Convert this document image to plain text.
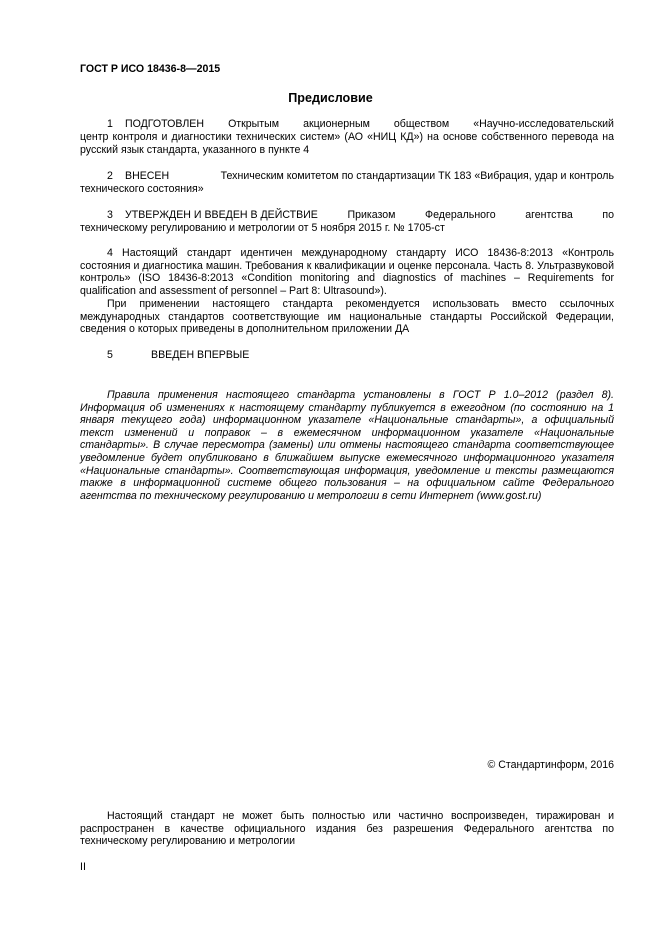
ГОСТ Р ИСО 18436-8—2015
Предисловие
1 ПОДГОТОВЛЕН Открытым акционерным обществом «Научно-исследовательский

центр контроля и диагностики технических систем» (АО «НИЦ КД») на основе собственного перевода на русский язык стандарта, указанного в пункте 4

2 ВНЕСЕН	Техническим комитетом по стандартизации ТК 183 «Вибрация, удар и контроль

технического состояния»

3 УТВЕРЖДЕН И ВВЕДЕН В ДЕЙСТВИЕ	Приказом	Федерального	агентства	по

техническому регулированию и метрологии от 5 ноября 2015 г. № 1705-ст

4 Настоящий стандарт идентичен международному стандарту ИСО 18436-8:2013 «Контроль состояния и диагностика машин. Требования к квалификации и оценке персонала. Часть 8. Ультразвуковой контроль» (ISO 18436-8:2013 «Condition monitoring and diagnostics of machines – Requirements for qualification and assessment of personnel – Part 8: Ultrasound»).

При применении настоящего стандарта рекомендуется использовать вместо ссылочных международных стандартов соответствующие им национальные стандарты Российской Федерации, сведения о которых приведены в дополнительном приложении ДА

5	ВВЕДЕН ВПЕРВЫЕ

Правила применения настоящего стандарта установлены в ГОСТ Р 1.0–2012 (раздел 8). Информация об изменениях к настоящему стандарту публикуется в ежегодном (по состоянию на 1 января текущего года) информационном указателе «Национальные стандарты», а официальный текст изменений и поправок – в ежемесячном информационном указателе «Национальные стандарты». В случае пересмотра (замены) или отмены настоящего стандарта соответствующее уведомление будет опубликовано в ближайшем выпуске ежемесячного информационного указателя «Национальные стандарты». Соответствующая информация, уведомление и тексты размещаются также в информационной системе общего пользования – на официальном сайте Федерального агентства по техническому регулированию и метрологии в сети Интернет (www.gost.ru)

© Стандартинформ, 2016

Настоящий стандарт не может быть полностью или частично воспроизведен, тиражирован и распространен в качестве официального издания без разрешения Федерального агентства по техническому регулированию и метрологии

II
